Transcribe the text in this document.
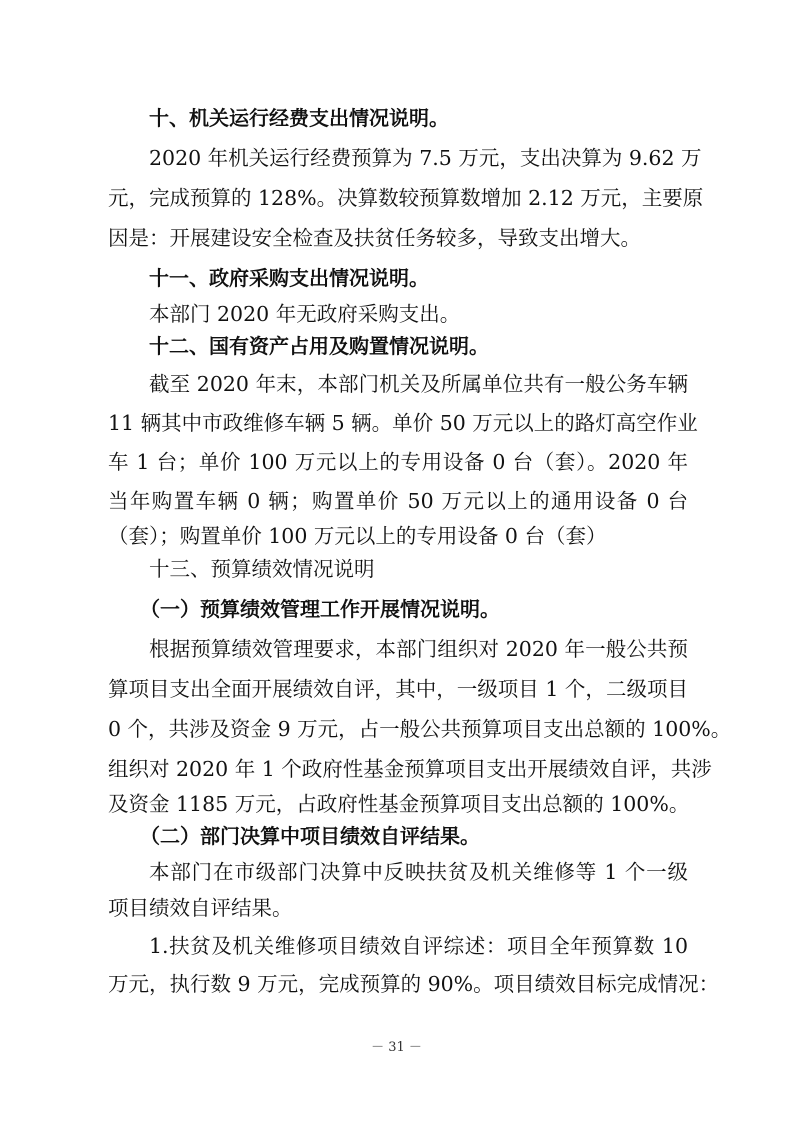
十、机关运行经费支出情况说明。
2020 年机关运行经费预算为 7.5 万元，支出决算为 9.62 万
元，完成预算的 128%。决算数较预算数增加 2.12 万元，主要原
因是：开展建设安全检查及扶贫任务较多，导致支出增大。
十一、政府采购支出情况说明。
本部门 2020 年无政府采购支出。
十二、国有资产占用及购置情况说明。
截至 2020 年末，本部门机关及所属单位共有一般公务车辆
11 辆其中市政维修车辆 5 辆。单价 50 万元以上的路灯高空作业
车 1 台；单价 100 万元以上的专用设备 0 台（套）。2020 年
当年购置车辆 0 辆；购置单价 50 万元以上的通用设备 0 台
（套）；购置单价 100 万元以上的专用设备 0 台（套）
十三、预算绩效情况说明
（一）预算绩效管理工作开展情况说明。
根据预算绩效管理要求，本部门组织对 2020 年一般公共预
算项目支出全面开展绩效自评，其中，一级项目 1 个，二级项目
0 个，共涉及资金 9 万元，占一般公共预算项目支出总额的 100%。
组织对 2020 年 1 个政府性基金预算项目支出开展绩效自评，共涉
及资金 1185 万元，占政府性基金预算项目支出总额的 100%。
（二）部门决算中项目绩效自评结果。
本部门在市级部门决算中反映扶贫及机关维修等 1 个一级
项目绩效自评结果。
1.扶贫及机关维修项目绩效自评综述：项目全年预算数 10
万元，执行数 9 万元，完成预算的 90%。项目绩效目标完成情况：
－ 31 －
